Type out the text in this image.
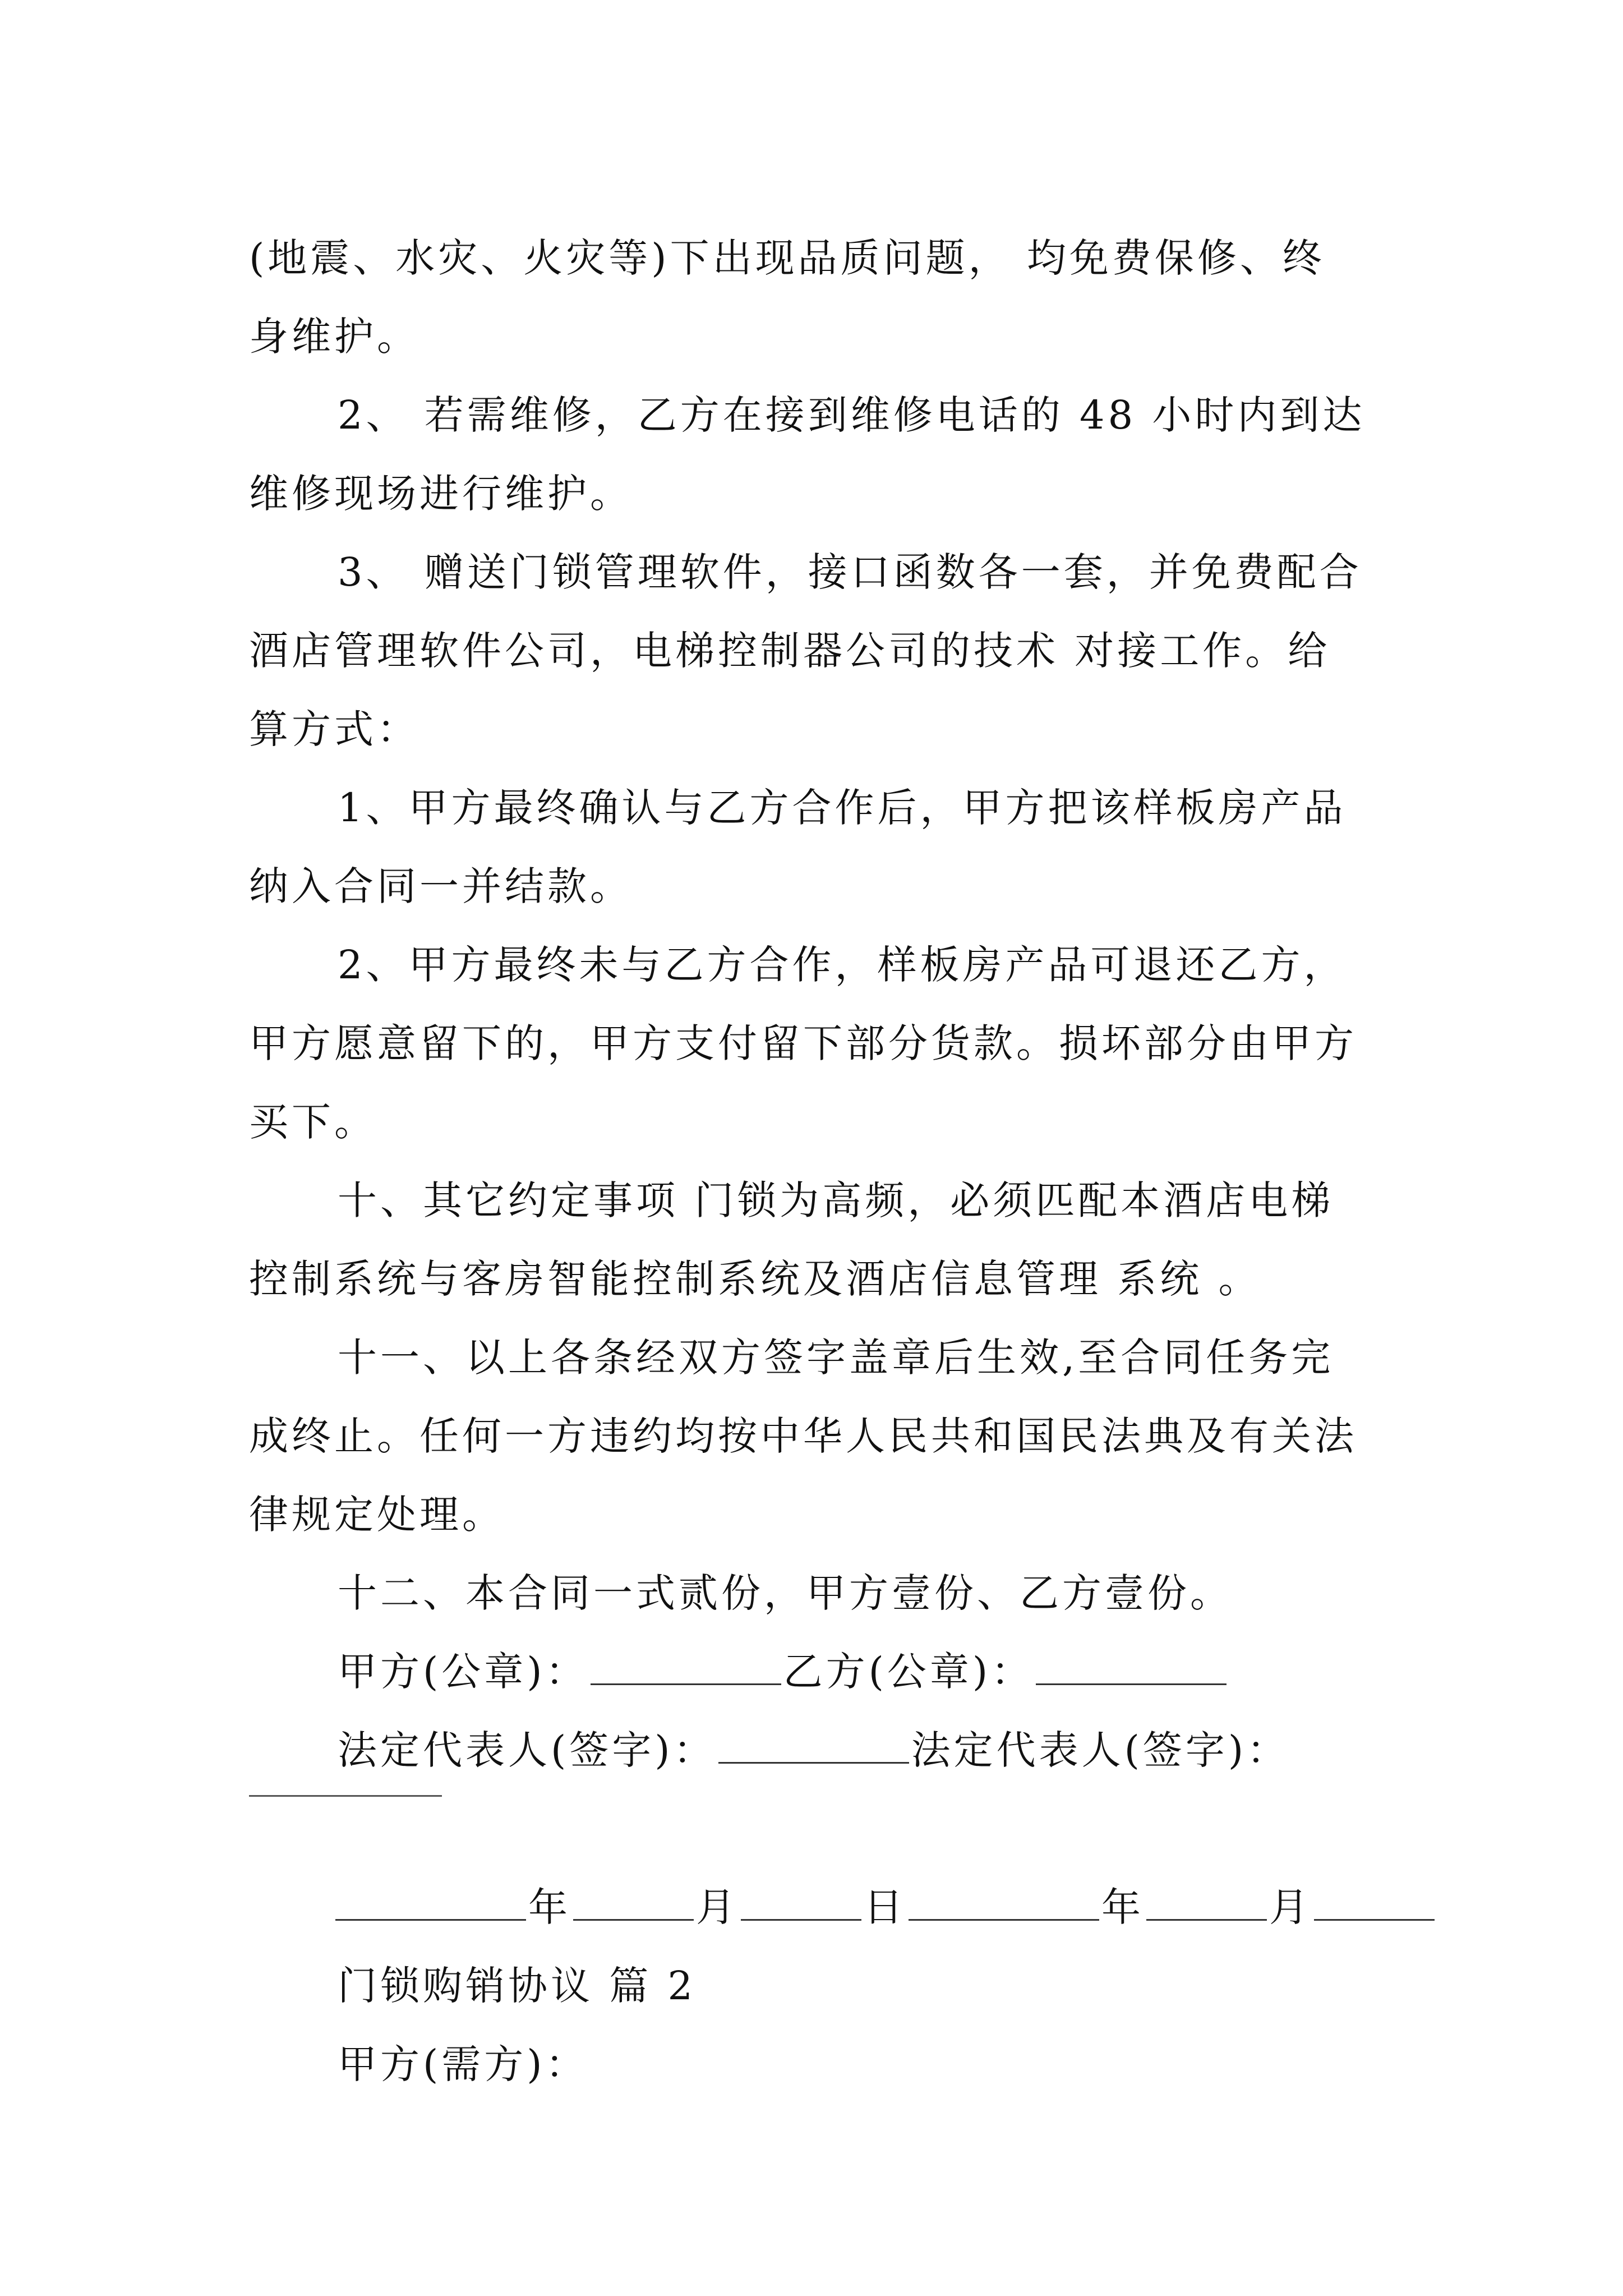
(地震、水灾、火灾等)下出现品质问题， 均免费保修、终
身维护。
2、 若需维修，乙方在接到维修电话的 48 小时内到达
维修现场进行维护。
3、 赠送门锁管理软件，接口函数各一套，并免费配合
酒店管理软件公司，电梯控制器公司的技术 对接工作。给
算方式：
1、甲方最终确认与乙方合作后，甲方把该样板房产品
纳入合同一并结款。
2、甲方最终未与乙方合作，样板房产品可退还乙方，
甲方愿意留下的，甲方支付留下部分货款。损坏部分由甲方
买下。
十、其它约定事项 门锁为高频，必须匹配本酒店电梯
控制系统与客房智能控制系统及酒店信息管理 系统 。
十一、以上各条经双方签字盖章后生效,至合同任务完
成终止。任何一方违约均按中华人民共和国民法典及有关法
律规定处理。
十二、本合同一式贰份，甲方壹份、乙方壹份。
甲方(公章)：	乙方(公章)：
法定代表人(签字)：	法定代表人(签字)：
年	月	日	年	月
门锁购销协议 篇 2
甲方(需方)：
